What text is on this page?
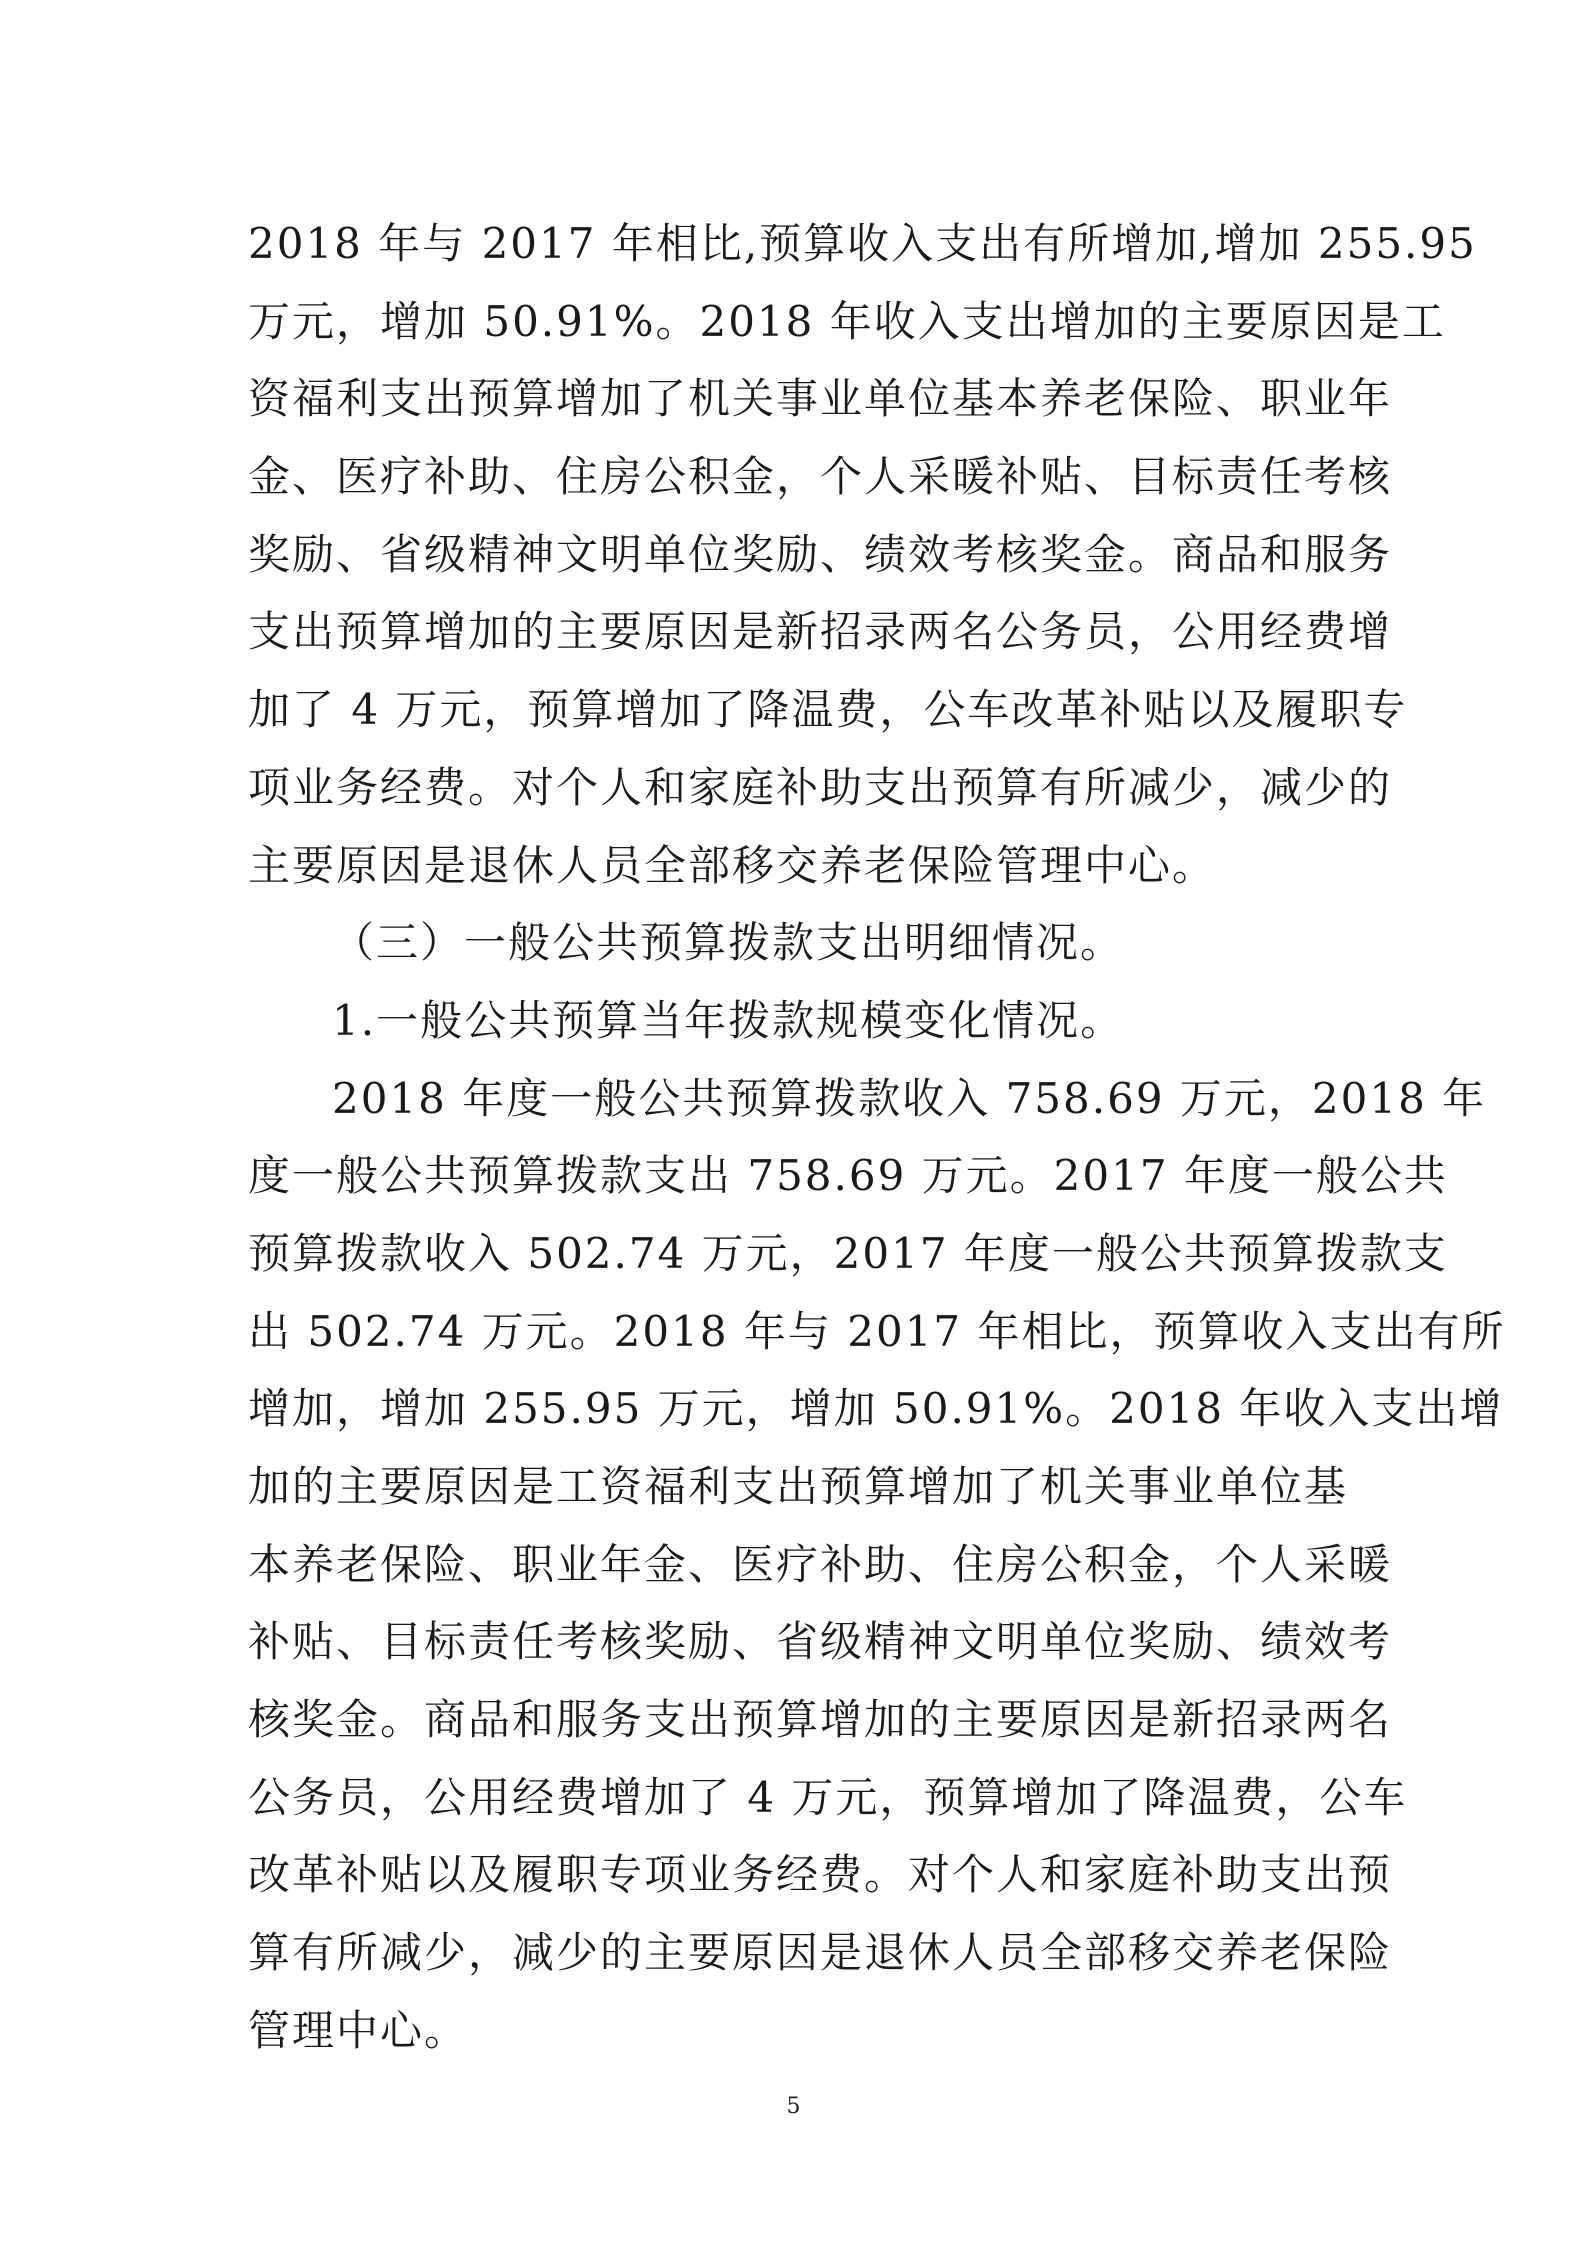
2018 年与 2017 年相比,预算收入支出有所增加,增加 255.95
万元，增加 50.91%。2018 年收入支出增加的主要原因是工
资福利支出预算增加了机关事业单位基本养老保险、职业年
金、医疗补助、住房公积金，个人采暖补贴、目标责任考核
奖励、省级精神文明单位奖励、绩效考核奖金。商品和服务
支出预算增加的主要原因是新招录两名公务员，公用经费增
加了 4 万元，预算增加了降温费，公车改革补贴以及履职专
项业务经费。对个人和家庭补助支出预算有所减少，减少的
主要原因是退休人员全部移交养老保险管理中心。
（三）一般公共预算拨款支出明细情况。
1.一般公共预算当年拨款规模变化情况。
2018 年度一般公共预算拨款收入 758.69 万元，2018 年
度一般公共预算拨款支出 758.69 万元。2017 年度一般公共
预算拨款收入 502.74 万元，2017 年度一般公共预算拨款支
出 502.74 万元。2018 年与 2017 年相比，预算收入支出有所
增加，增加 255.95 万元，增加 50.91%。2018 年收入支出增
加的主要原因是工资福利支出预算增加了机关事业单位基
本养老保险、职业年金、医疗补助、住房公积金，个人采暖
补贴、目标责任考核奖励、省级精神文明单位奖励、绩效考
核奖金。商品和服务支出预算增加的主要原因是新招录两名
公务员，公用经费增加了 4 万元，预算增加了降温费，公车
改革补贴以及履职专项业务经费。对个人和家庭补助支出预
算有所减少，减少的主要原因是退休人员全部移交养老保险
管理中心。
5
